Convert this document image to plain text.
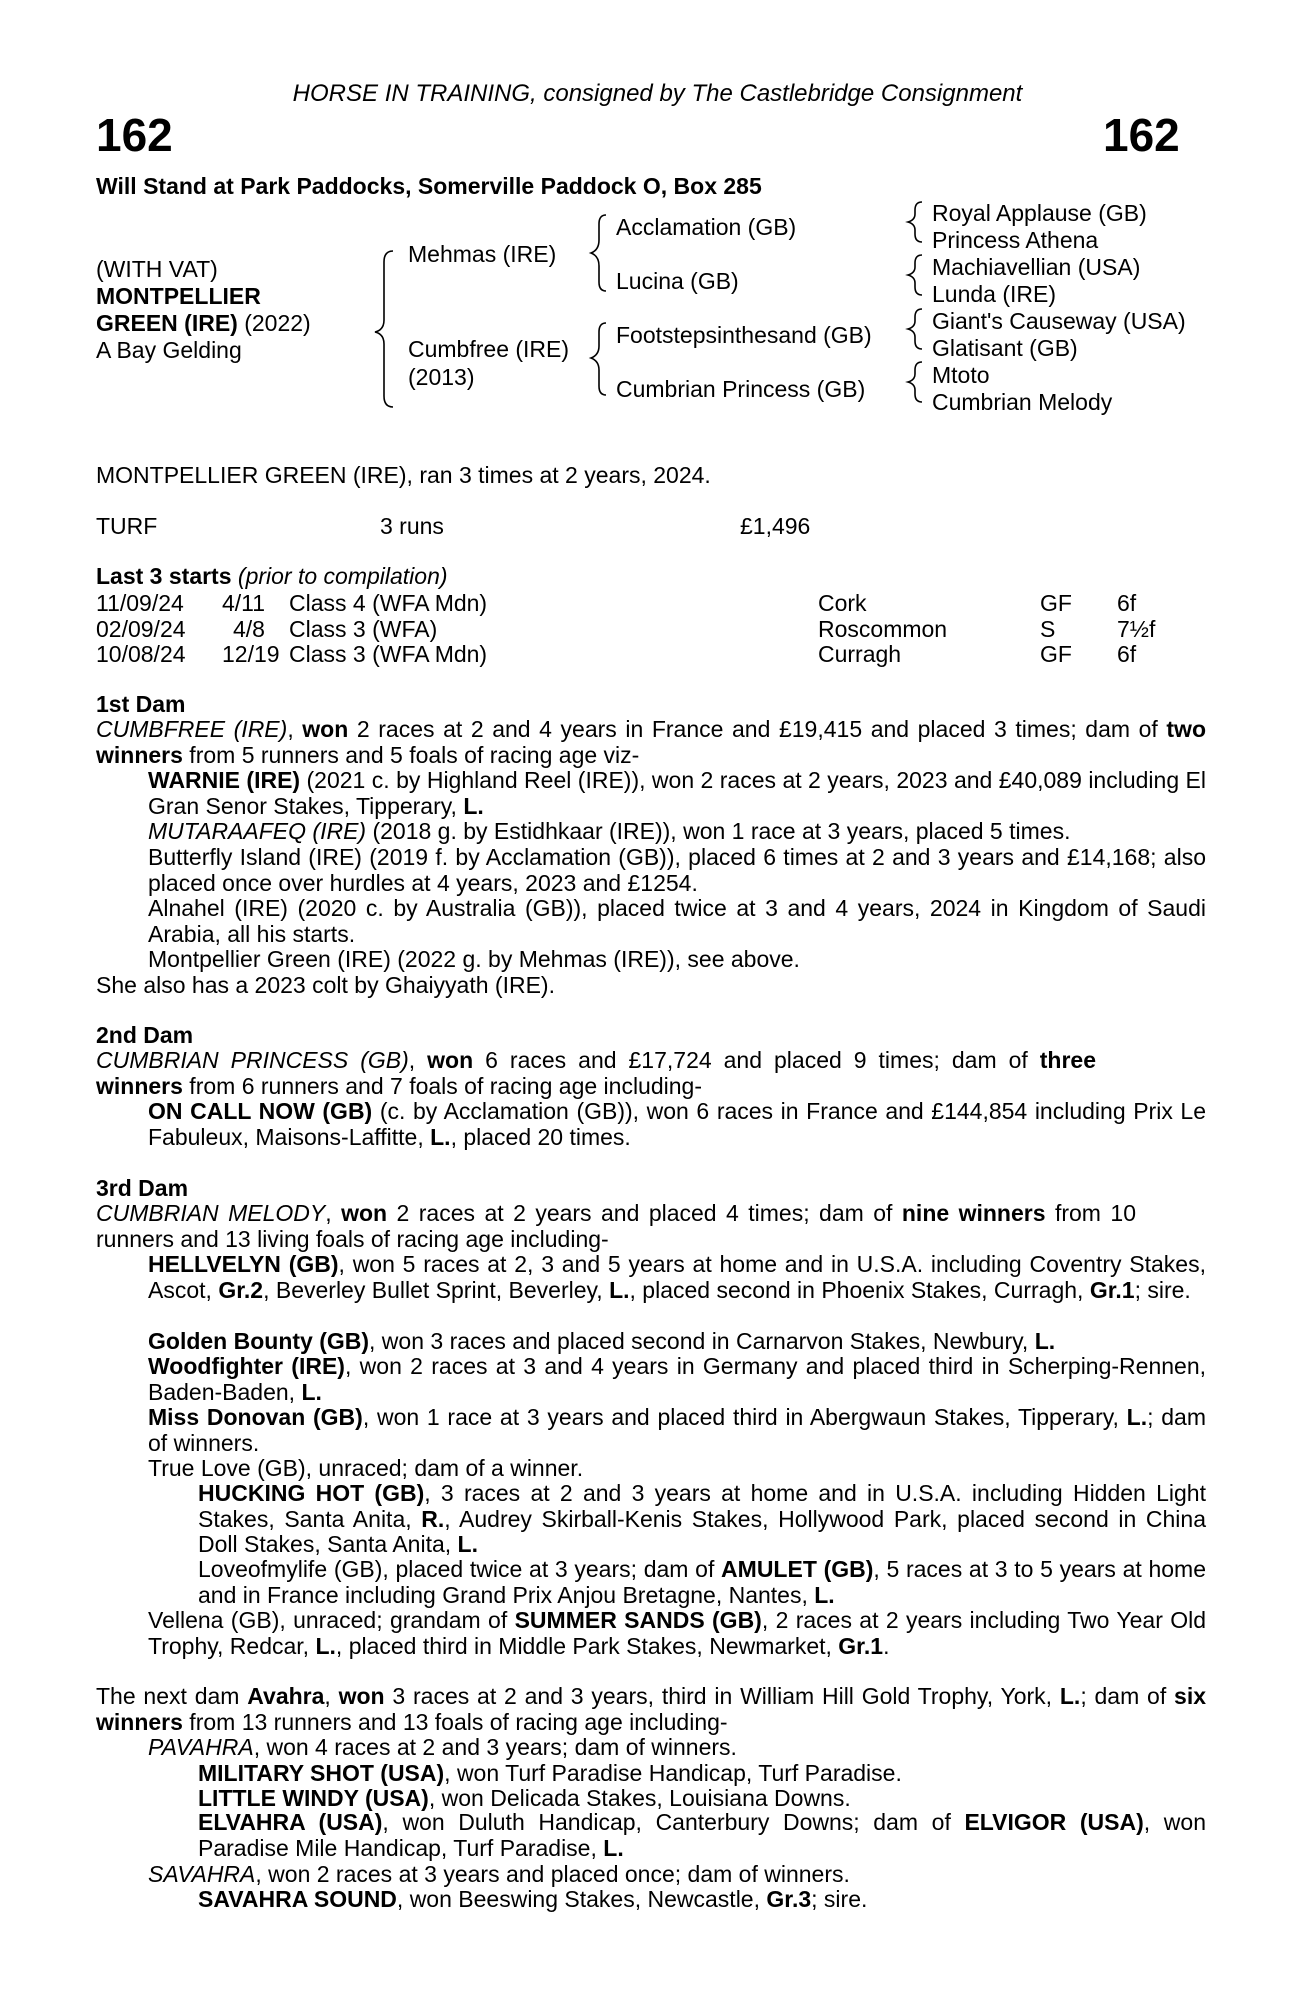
HORSE IN TRAINING, consigned by The Castlebridge Consignment
162	162
Will Stand at Park Paddocks, Somerville Paddock O, Box 285
(WITH VAT)
MONTPELLIER
GREEN (IRE) (2022)
A Bay Gelding
Mehmas (IRE)
Cumbfree (IRE)
(2013)
Acclamation (GB)
Lucina (GB)
Footstepsinthesand (GB)
Cumbrian Princess (GB)
Royal Applause (GB)
Princess Athena
Machiavellian (USA)
Lunda (IRE)
Giant's Causeway (USA)
Glatisant (GB)
Mtoto
Cumbrian Melody
MONTPELLIER GREEN (IRE), ran 3 times at 2 years, 2024.
TURF	3 runs	£1,496
Last 3 starts (prior to compilation)
11/09/24 4/11 Class 4 (WFA Mdn)	Cork	GF 6f
02/09/24 4/8 Class 3 (WFA)	Roscommon	S	7½f
10/08/24 12/19 Class 3 (WFA Mdn)	Curragh	GF 6f
1st Dam
CUMBFREE (IRE), won 2 races at 2 and 4 years in France and £19,415 and placed 3 times; dam of two winners from 5 runners and 5 foals of racing age viz-
WARNIE (IRE) (2021 c. by Highland Reel (IRE)), won 2 races at 2 years, 2023 and £40,089 including El Gran Senor Stakes, Tipperary, L.
MUTARAAFEQ (IRE) (2018 g. by Estidhkaar (IRE)), won 1 race at 3 years, placed 5 times.
Butterfly Island (IRE) (2019 f. by Acclamation (GB)), placed 6 times at 2 and 3 years and £14,168; also placed once over hurdles at 4 years, 2023 and £1254.
Alnahel (IRE) (2020 c. by Australia (GB)), placed twice at 3 and 4 years, 2024 in Kingdom of Saudi Arabia, all his starts.
Montpellier Green (IRE) (2022 g. by Mehmas (IRE)), see above.
She also has a 2023 colt by Ghaiyyath (IRE).
2nd Dam
CUMBRIAN PRINCESS (GB), won 6 races and £17,724 and placed 9 times; dam of three winners from 6 runners and 7 foals of racing age including-
ON CALL NOW (GB) (c. by Acclamation (GB)), won 6 races in France and £144,854 including Prix Le Fabuleux, Maisons-Laffitte, L., placed 20 times.
3rd Dam
CUMBRIAN MELODY, won 2 races at 2 years and placed 4 times; dam of nine winners from 10 runners and 13 living foals of racing age including-
HELLVELYN (GB), won 5 races at 2, 3 and 5 years at home and in U.S.A. including Coventry Stakes, Ascot, Gr.2, Beverley Bullet Sprint, Beverley, L., placed second in Phoenix Stakes, Curragh, Gr.1; sire.
Golden Bounty (GB), won 3 races and placed second in Carnarvon Stakes, Newbury, L.
Woodfighter (IRE), won 2 races at 3 and 4 years in Germany and placed third in Scherping-Rennen, Baden-Baden, L.
Miss Donovan (GB), won 1 race at 3 years and placed third in Abergwaun Stakes, Tipperary, L.; dam of winners.
True Love (GB), unraced; dam of a winner.
HUCKING HOT (GB), 3 races at 2 and 3 years at home and in U.S.A. including Hidden Light Stakes, Santa Anita, R., Audrey Skirball-Kenis Stakes, Hollywood Park, placed second in China Doll Stakes, Santa Anita, L.
Loveofmylife (GB), placed twice at 3 years; dam of AMULET (GB), 5 races at 3 to 5 years at home and in France including Grand Prix Anjou Bretagne, Nantes, L.
Vellena (GB), unraced; grandam of SUMMER SANDS (GB), 2 races at 2 years including Two Year Old Trophy, Redcar, L., placed third in Middle Park Stakes, Newmarket, Gr.1.
The next dam Avahra, won 3 races at 2 and 3 years, third in William Hill Gold Trophy, York, L.; dam of six winners from 13 runners and 13 foals of racing age including-
PAVAHRA, won 4 races at 2 and 3 years; dam of winners.
MILITARY SHOT (USA), won Turf Paradise Handicap, Turf Paradise.
LITTLE WINDY (USA), won Delicada Stakes, Louisiana Downs.
ELVAHRA (USA), won Duluth Handicap, Canterbury Downs; dam of ELVIGOR (USA), won Paradise Mile Handicap, Turf Paradise, L.
SAVAHRA, won 2 races at 3 years and placed once; dam of winners.
SAVAHRA SOUND, won Beeswing Stakes, Newcastle, Gr.3; sire.
